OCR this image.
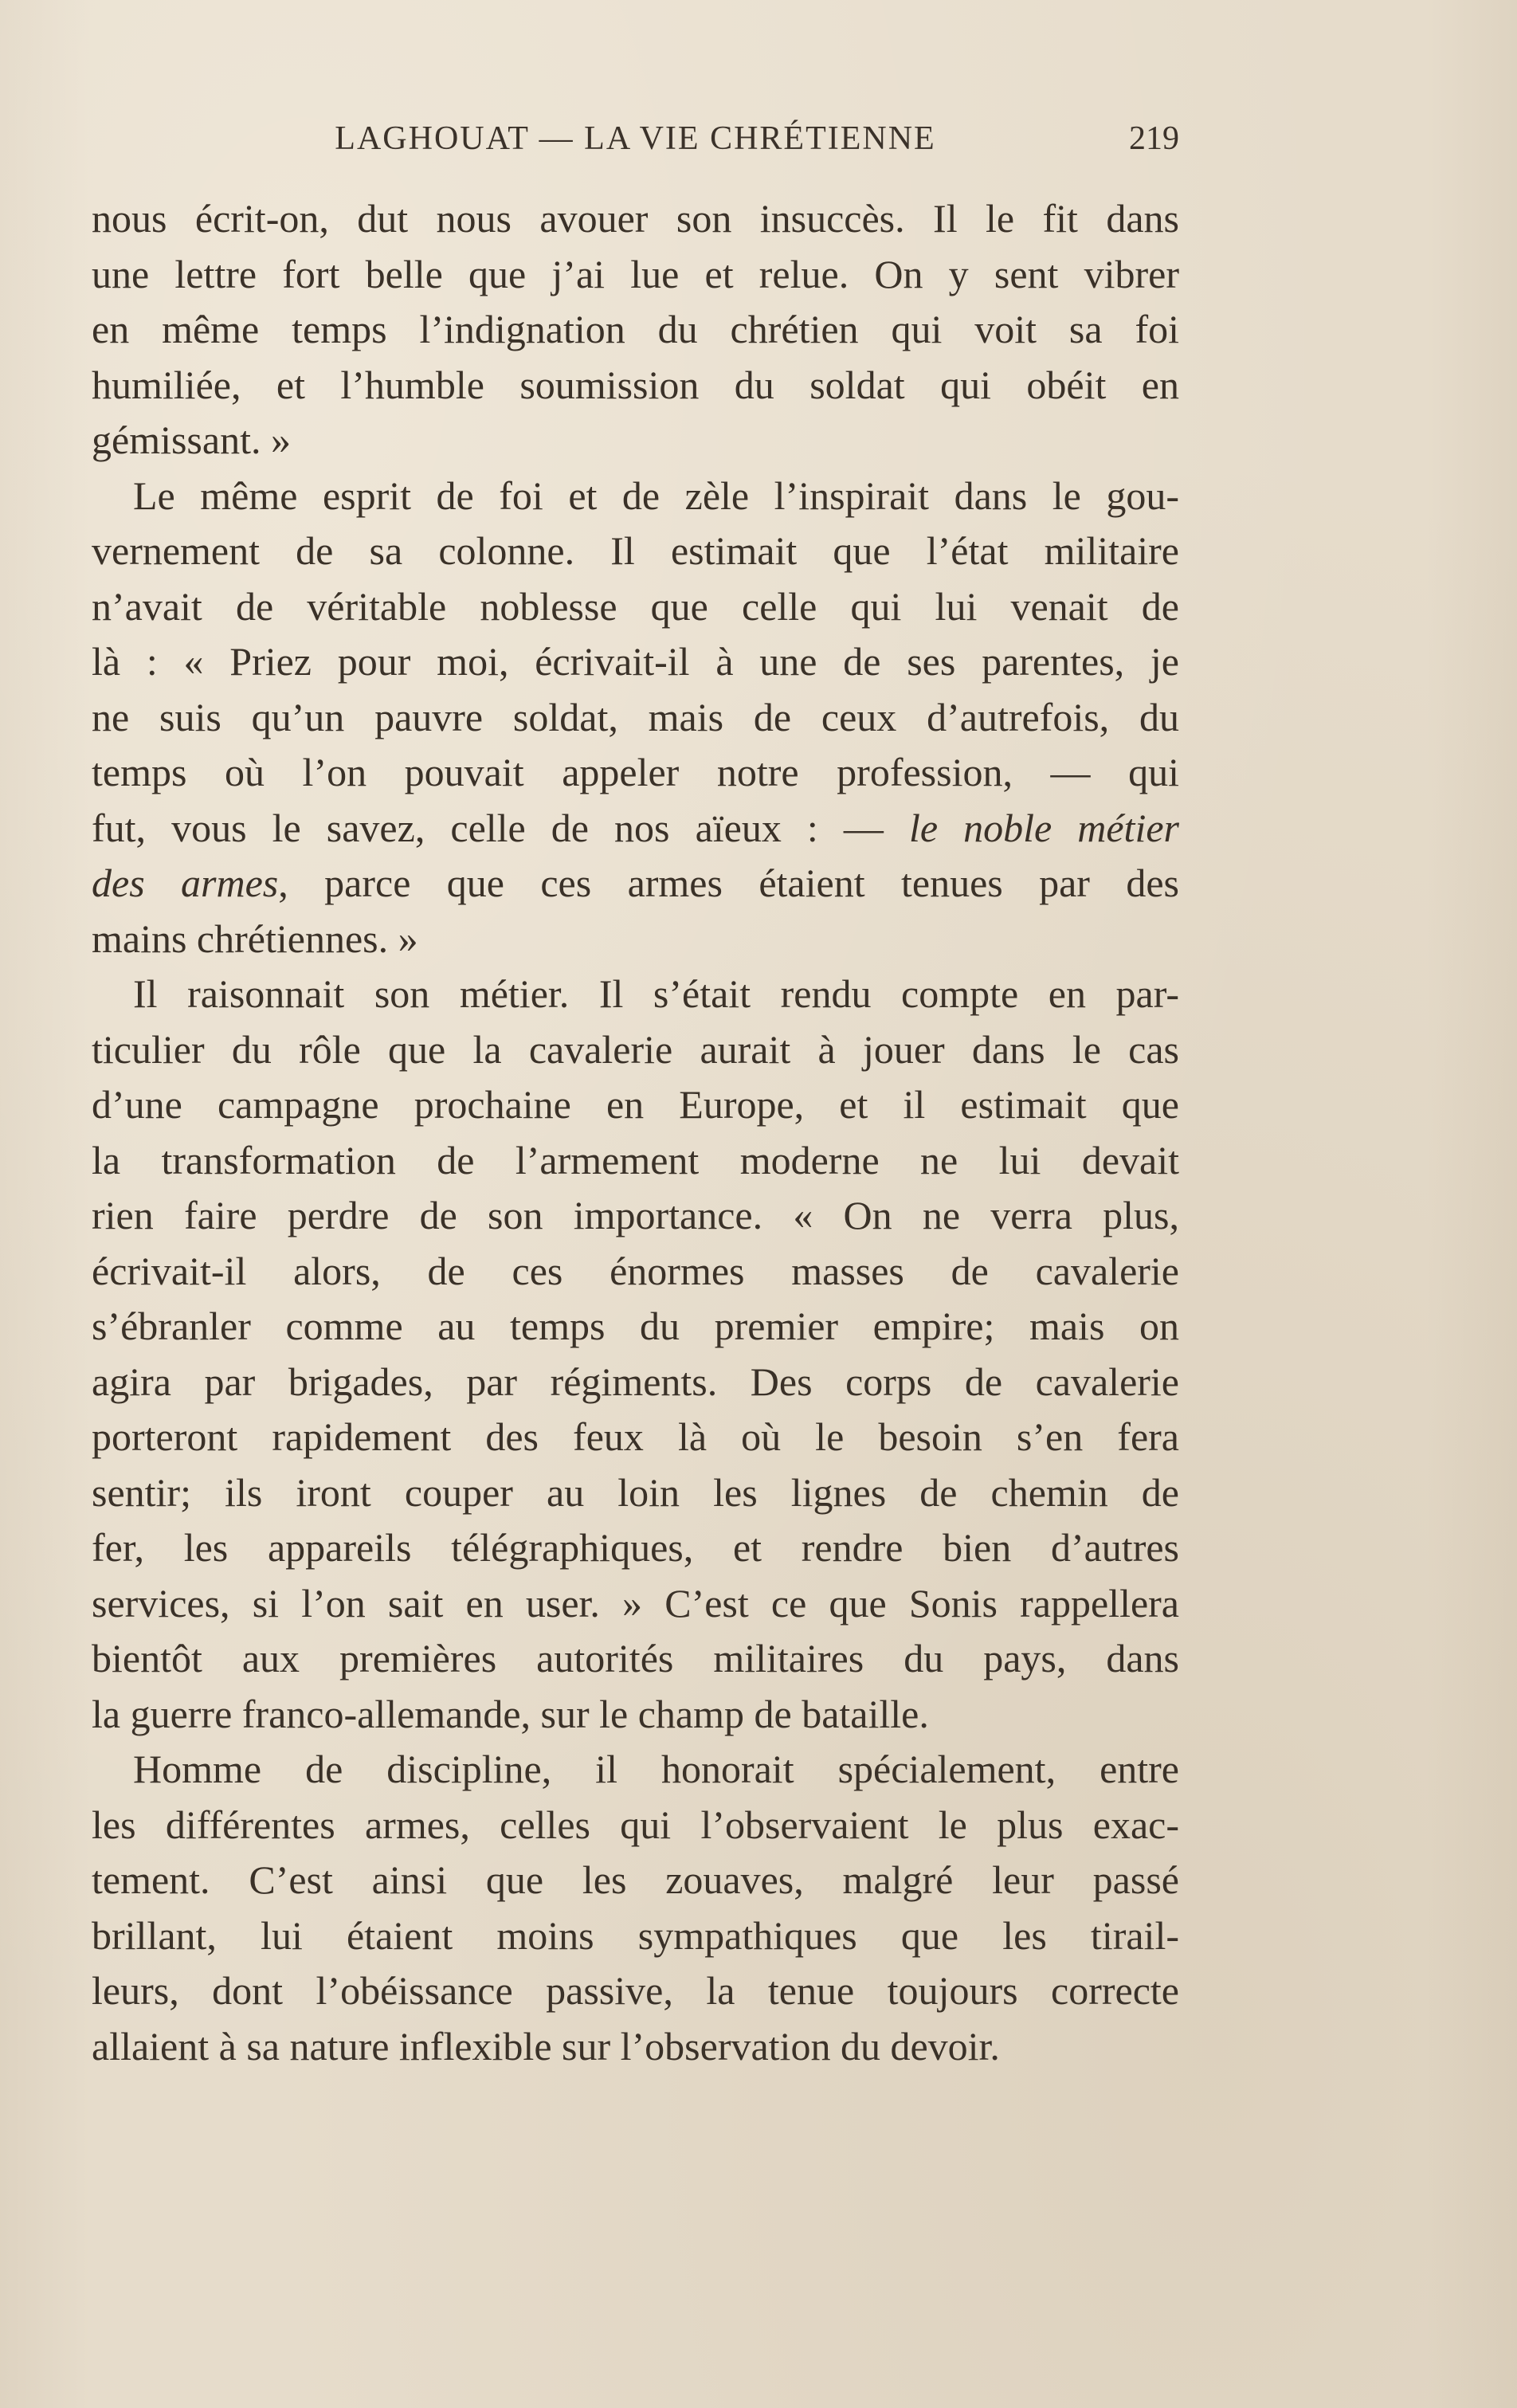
LAGHOUAT — LA VIE CHRÉTIENNE	219
nous écrit-on, dut nous avouer son insuccès. Il le fit dans
une lettre fort belle que j’ai lue et relue. On y sent vibrer
en même temps l’indignation du chrétien qui voit sa foi
humiliée, et l’humble soumission du soldat qui obéit en
gémissant. »
Le même esprit de foi et de zèle l’inspirait dans le gou-
vernement de sa colonne. Il estimait que l’état militaire
n’avait de véritable noblesse que celle qui lui venait de
là : « Priez pour moi, écrivait-il à une de ses parentes, je
ne suis qu’un pauvre soldat, mais de ceux d’autrefois, du
temps où l’on pouvait appeler notre profession, — qui
fut, vous le savez, celle de nos aïeux : — le noble métier
des armes, parce que ces armes étaient tenues par des
mains chrétiennes. »
Il raisonnait son métier. Il s’était rendu compte en par-
ticulier du rôle que la cavalerie aurait à jouer dans le cas
d’une campagne prochaine en Europe, et il estimait que
la transformation de l’armement moderne ne lui devait
rien faire perdre de son importance. « On ne verra plus,
écrivait-il alors, de ces énormes masses de cavalerie
s’ébranler comme au temps du premier empire; mais on
agira par brigades, par régiments. Des corps de cavalerie
porteront rapidement des feux là où le besoin s’en fera
sentir; ils iront couper au loin les lignes de chemin de
fer, les appareils télégraphiques, et rendre bien d’autres
services, si l’on sait en user. » C’est ce que Sonis rappellera
bientôt aux premières autorités militaires du pays, dans
la guerre franco-allemande, sur le champ de bataille.
Homme de discipline, il honorait spécialement, entre
les différentes armes, celles qui l’observaient le plus exac-
tement. C’est ainsi que les zouaves, malgré leur passé
brillant, lui étaient moins sympathiques que les tirail-
leurs, dont l’obéissance passive, la tenue toujours correcte
allaient à sa nature inflexible sur l’observation du devoir.
